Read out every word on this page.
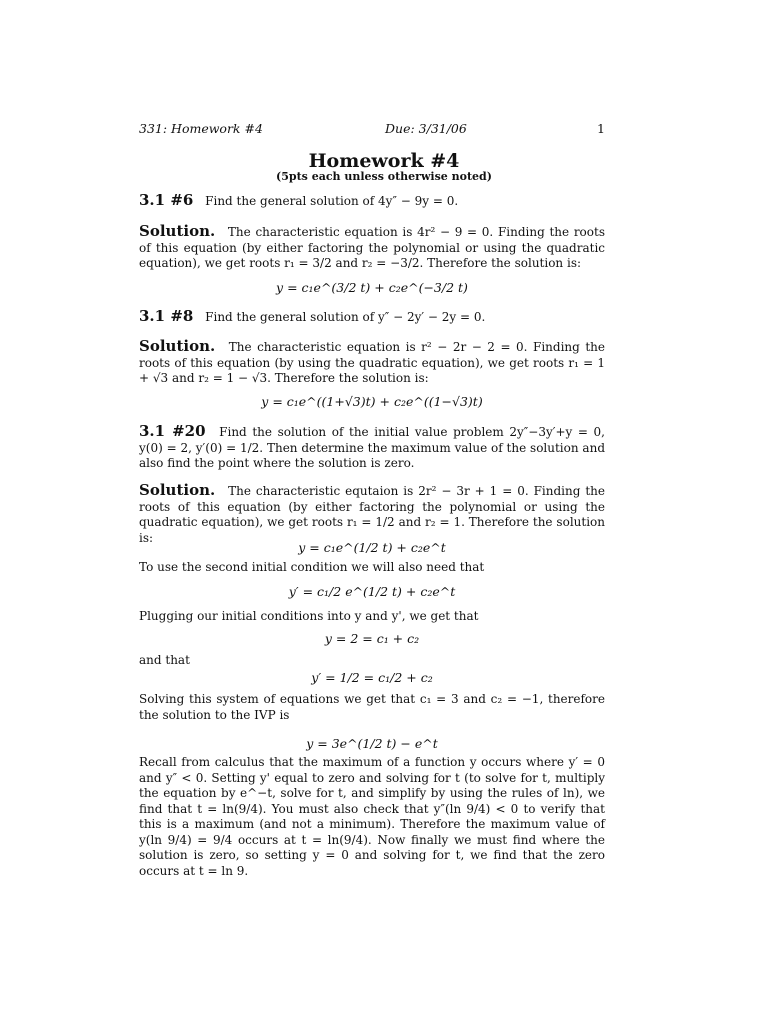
331: Homework #4	Due: 3/31/06	1
Homework #4
(5pts each unless otherwise noted)
3.1 #6 Find the general solution of 4y″ − 9y = 0.
Solution. The characteristic equation is 4r² − 9 = 0. Finding the roots of this equation (by either factoring the polynomial or using the quadratic equation), we get roots r₁ = 3/2 and r₂ = −3/2. Therefore the solution is:
y = c₁e^(3/2 t) + c₂e^(−3/2 t)
3.1 #8 Find the general solution of y″ − 2y′ − 2y = 0.
Solution. The characteristic equation is r² − 2r − 2 = 0. Finding the roots of this equation (by using the quadratic equation), we get roots r₁ = 1 + √3 and r₂ = 1 − √3. Therefore the solution is:
y = c₁e^((1+√3)t) + c₂e^((1−√3)t)
3.1 #20 Find the solution of the initial value problem 2y″−3y′+y = 0, y(0) = 2, y′(0) = 1/2. Then determine the maximum value of the solution and also find the point where the solution is zero.
Solution. The characteristic equtaion is 2r² − 3r + 1 = 0. Finding the roots of this equation (by either factoring the polynomial or using the quadratic equation), we get roots r₁ = 1/2 and r₂ = 1. Therefore the solution is:
y = c₁e^(1/2 t) + c₂e^t
To use the second initial condition we will also need that
y′ = c₁/2 e^(1/2 t) + c₂e^t
Plugging our initial conditions into y and y', we get that
y = 2 = c₁ + c₂
and that
y′ = 1/2 = c₁/2 + c₂
Solving this system of equations we get that c₁ = 3 and c₂ = −1, therefore the solution to the IVP is
y = 3e^(1/2 t) − e^t
Recall from calculus that the maximum of a function y occurs where y′ = 0 and y″ < 0. Setting y' equal to zero and solving for t (to solve for t, multiply the equation by e^−t, solve for t, and simplify by using the rules of ln), we find that t = ln(9/4). You must also check that y″(ln 9/4) < 0 to verify that this is a maximum (and not a minimum). Therefore the maximum value of y(ln 9/4) = 9/4 occurs at t = ln(9/4). Now finally we must find where the solution is zero, so setting y = 0 and solving for t, we find that the zero occurs at t = ln 9.
